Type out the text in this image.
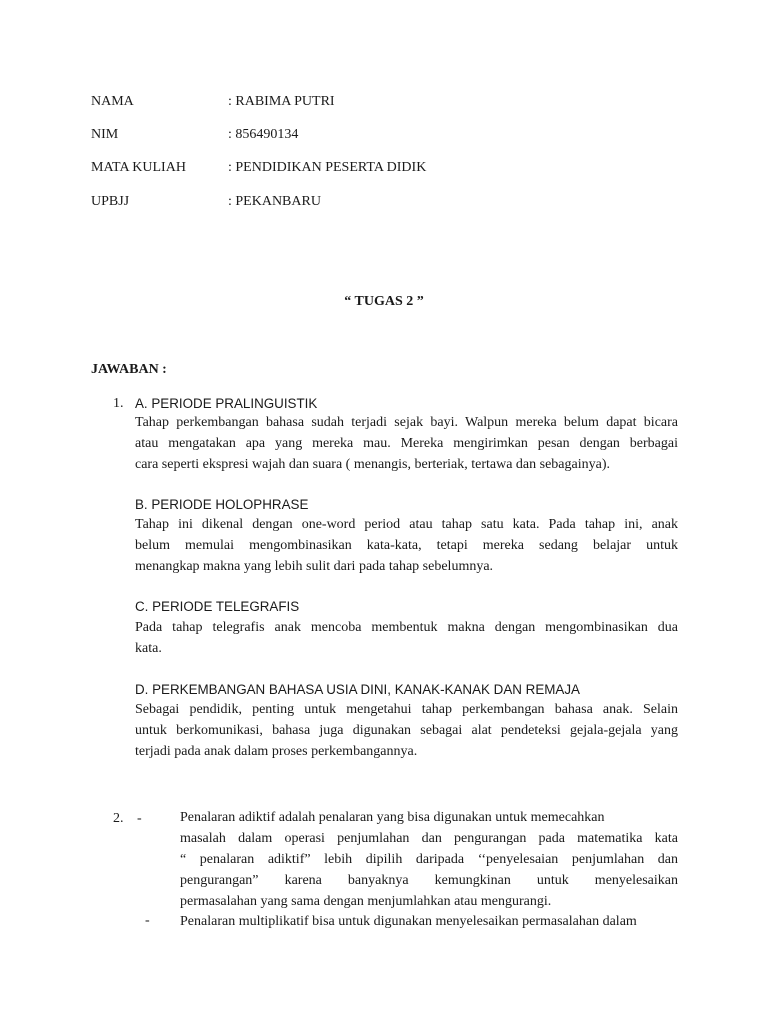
NAMA	: RABIMA PUTRI
NIM	: 856490134
MATA KULIAH	: PENDIDIKAN PESERTA DIDIK
UPBJJ	: PEKANBARU
“ TUGAS 2 ”
JAWABAN :
1. A. PERIODE PRALINGUISTIK
Tahap perkembangan bahasa sudah terjadi sejak bayi. Walpun mereka belum dapat bicara
atau mengatakan apa yang mereka mau. Mereka mengirimkan pesan dengan berbagai
cara seperti ekspresi wajah dan suara ( menangis, berteriak, tertawa dan sebagainya).
B. PERIODE HOLOPHRASE
Tahap ini dikenal dengan one-word period atau tahap satu kata. Pada tahap ini, anak
belum memulai mengombinasikan kata-kata, tetapi mereka sedang belajar untuk
menangkap makna yang lebih sulit dari pada tahap sebelumnya.
C. PERIODE TELEGRAFIS
Pada tahap telegrafis anak mencoba membentuk makna dengan mengombinasikan dua
kata.
D. PERKEMBANGAN BAHASA USIA DINI, KANAK-KANAK DAN REMAJA
Sebagai pendidik, penting untuk mengetahui tahap perkembangan bahasa anak. Selain
untuk berkomunikasi, bahasa juga digunakan sebagai alat pendeteksi gejala-gejala yang
terjadi pada anak dalam proses perkembangannya.
2. -	Penalaran adiktif adalah penalaran yang bisa digunakan untuk memecahkan
masalah dalam operasi penjumlahan dan pengurangan pada matematika kata
“ penalaran adiktif” lebih dipilih daripada ‘‘penyelesaian penjumlahan dan
pengurangan” karena banyaknya kemungkinan untuk menyelesaikan
permasalahan yang sama dengan menjumlahkan atau mengurangi.
- Penalaran multiplikatif bisa untuk digunakan menyelesaikan permasalahan dalam
